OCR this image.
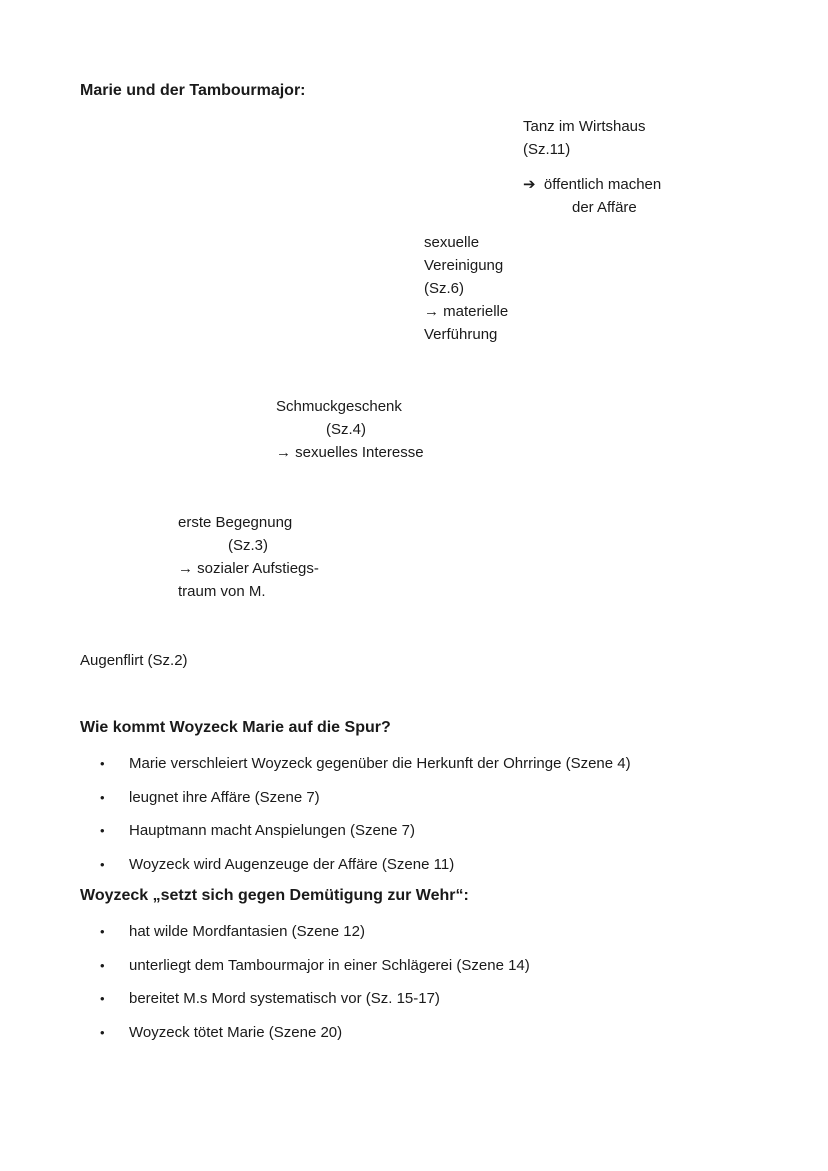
Marie und der Tambourmajor:
Tanz im Wirtshaus
(Sz.11)
➔ öffentlich machen
der Affäre
sexuelle
Vereinigung
(Sz.6)
→ materielle
Verführung
Schmuckgeschenk
(Sz.4)
→ sexuelles Interesse
erste Begegnung
(Sz.3)
→ sozialer Aufstiegs-
traum von M.
Augenflirt (Sz.2)
Wie kommt Woyzeck Marie auf die Spur?
• Marie verschleiert Woyzeck gegenüber die Herkunft der Ohrringe (Szene 4)
• leugnet ihre Affäre (Szene 7)
• Hauptmann macht Anspielungen (Szene 7)
• Woyzeck wird Augenzeuge der Affäre (Szene 11)
Woyzeck „setzt sich gegen Demütigung zur Wehr“:
• hat wilde Mordfantasien (Szene 12)
• unterliegt dem Tambourmajor in einer Schlägerei (Szene 14)
• bereitet M.s Mord systematisch vor (Sz. 15-17)
• Woyzeck tötet Marie (Szene 20)
